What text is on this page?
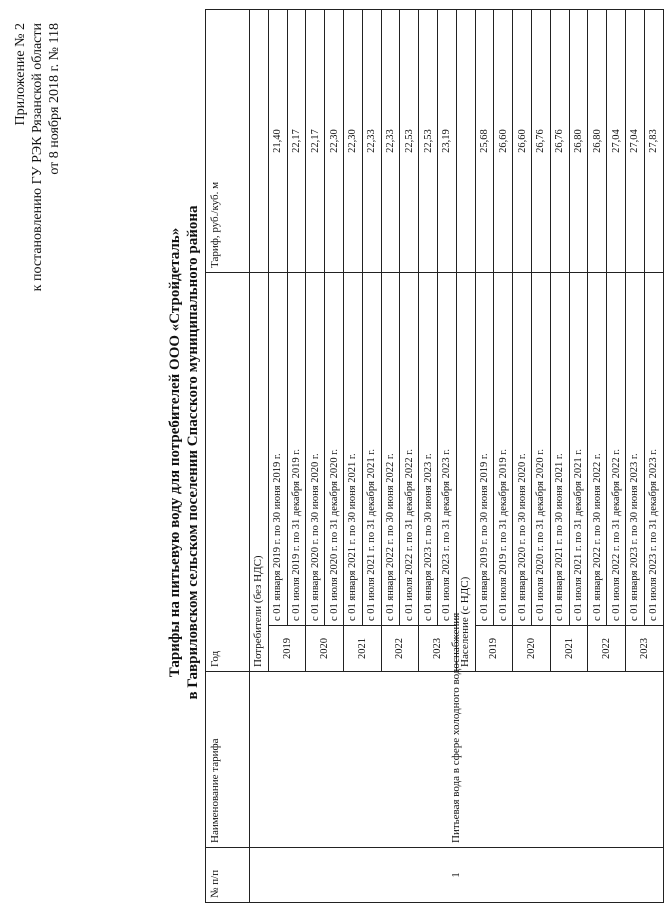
Приложение № 2 к постановлению ГУ РЭК Рязанской области от 8 ноября 2018 г. № 118
Тарифы на питьевую воду для потребителей ООО «Стройдеталь» в Гавриловском сельском поселении Спасского муниципального района
№ п/п	Наименование тарифа	Год		Тариф, руб./куб. м
1	Питьевая вода в сфере холодного водоснабжения	Потребители (без НДС)		
		2019	с 01 января 2019 г. по 30 июня 2019 г.	21,40
			с 01 июля 2019 г. по 31 декабря 2019 г.	22,17
		2020	с 01 января 2020 г. по 30 июня 2020 г.	22,17
			с 01 июля 2020 г. по 31 декабря 2020 г.	22,30
		2021	с 01 января 2021 г. по 30 июня 2021 г.	22,30
			с 01 июля 2021 г. по 31 декабря 2021 г.	22,33
		2022	с 01 января 2022 г. по 30 июня 2022 г.	22,33
			с 01 июля 2022 г. по 31 декабря 2022 г.	22,53
		2023	с 01 января 2023 г. по 30 июня 2023 г.	22,53
			с 01 июля 2023 г. по 31 декабря 2023 г.	23,19
		Население (с НДС)		
		2019	с 01 января 2019 г. по 30 июня 2019 г.	25,68
			с 01 июля 2019 г. по 31 декабря 2019 г.	26,60
		2020	с 01 января 2020 г. по 30 июня 2020 г.	26,60
			с 01 июля 2020 г. по 31 декабря 2020 г.	26,76
		2021	с 01 января 2021 г. по 30 июня 2021 г.	26,76
			с 01 июля 2021 г. по 31 декабря 2021 г.	26,80
		2022	с 01 января 2022 г. по 30 июня 2022 г.	26,80
			с 01 июля 2022 г. по 31 декабря 2022 г.	27,04
		2023	с 01 января 2023 г. по 30 июня 2023 г.	27,04
			с 01 июля 2023 г. по 31 декабря 2023 г.	27,83
